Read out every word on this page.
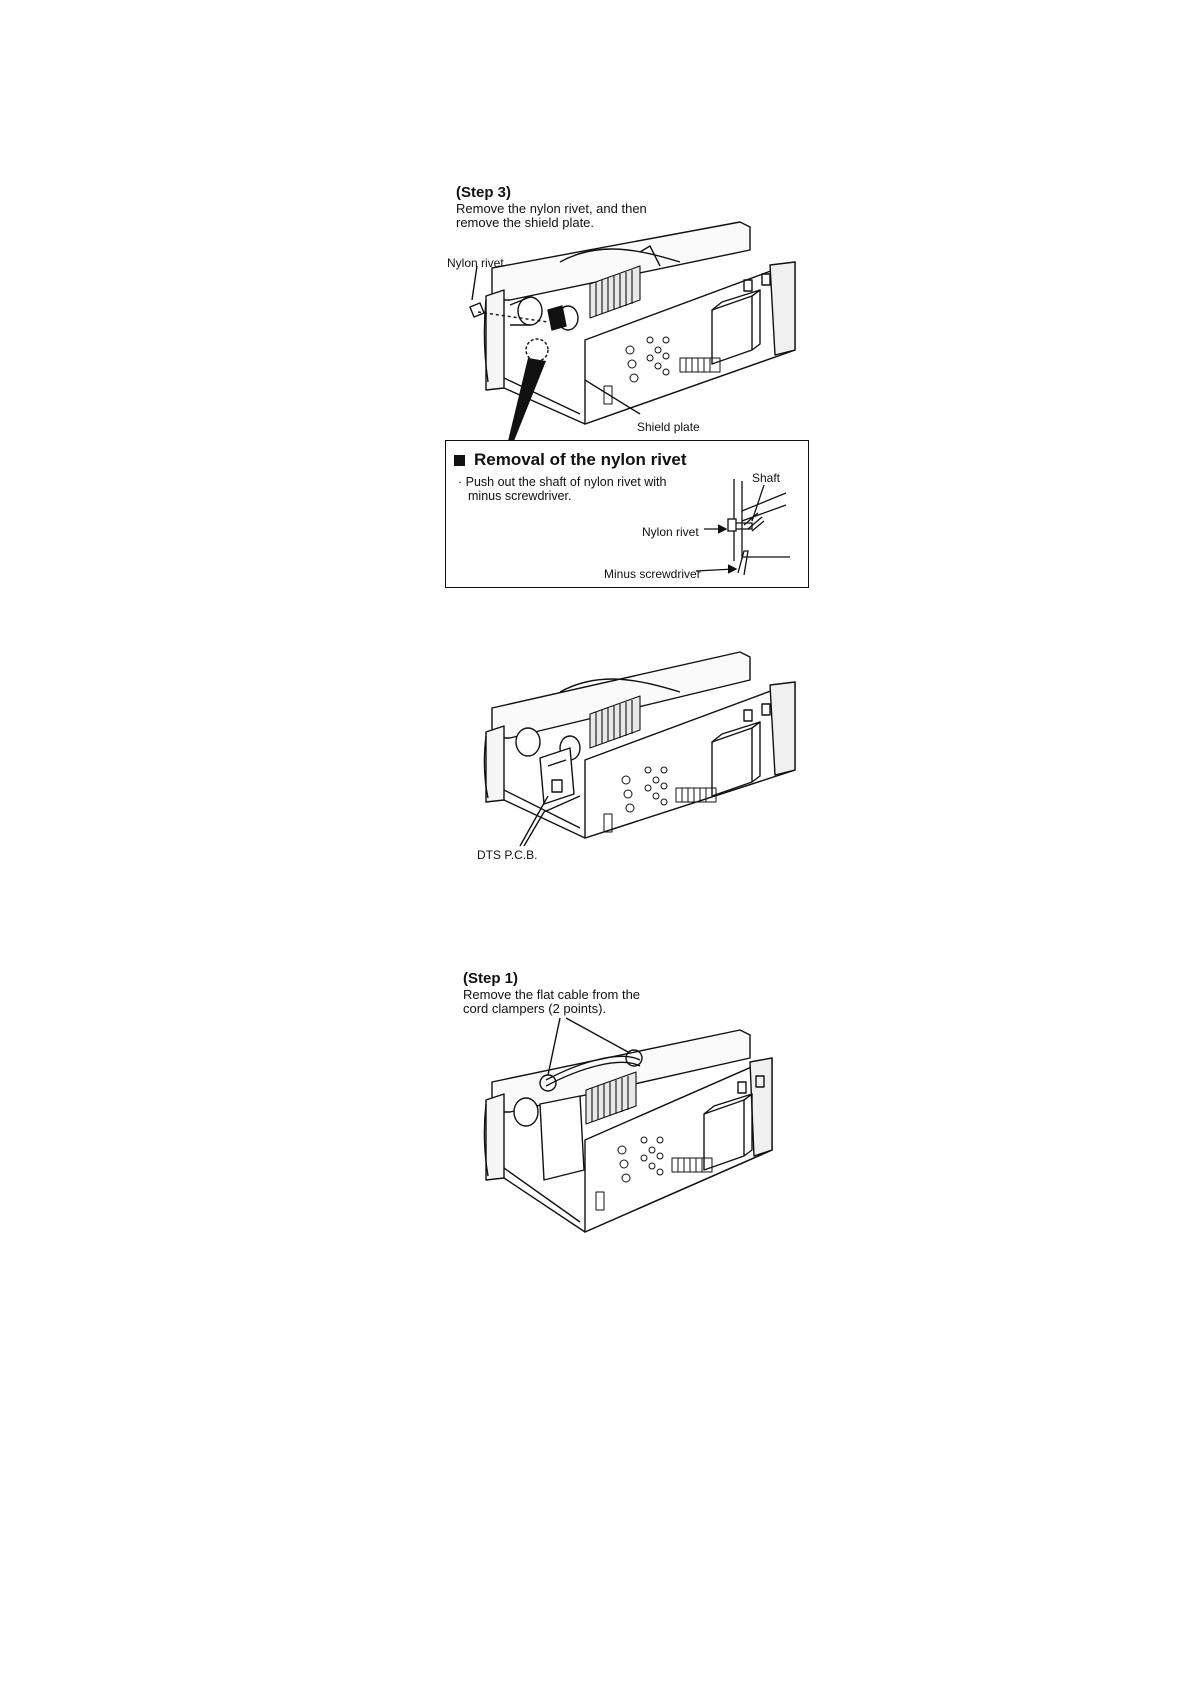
(Step 3)
Remove the nylon rivet, and then
remove the shield plate.
Nylon rivet
Shield plate
Removal of the nylon rivet
· Push out the shaft of nylon rivet with
minus screwdriver.
Shaft
Nylon rivet
Minus screwdriver
DTS P.C.B.
(Step 1)
Remove the flat cable from the
cord clampers (2 points).
